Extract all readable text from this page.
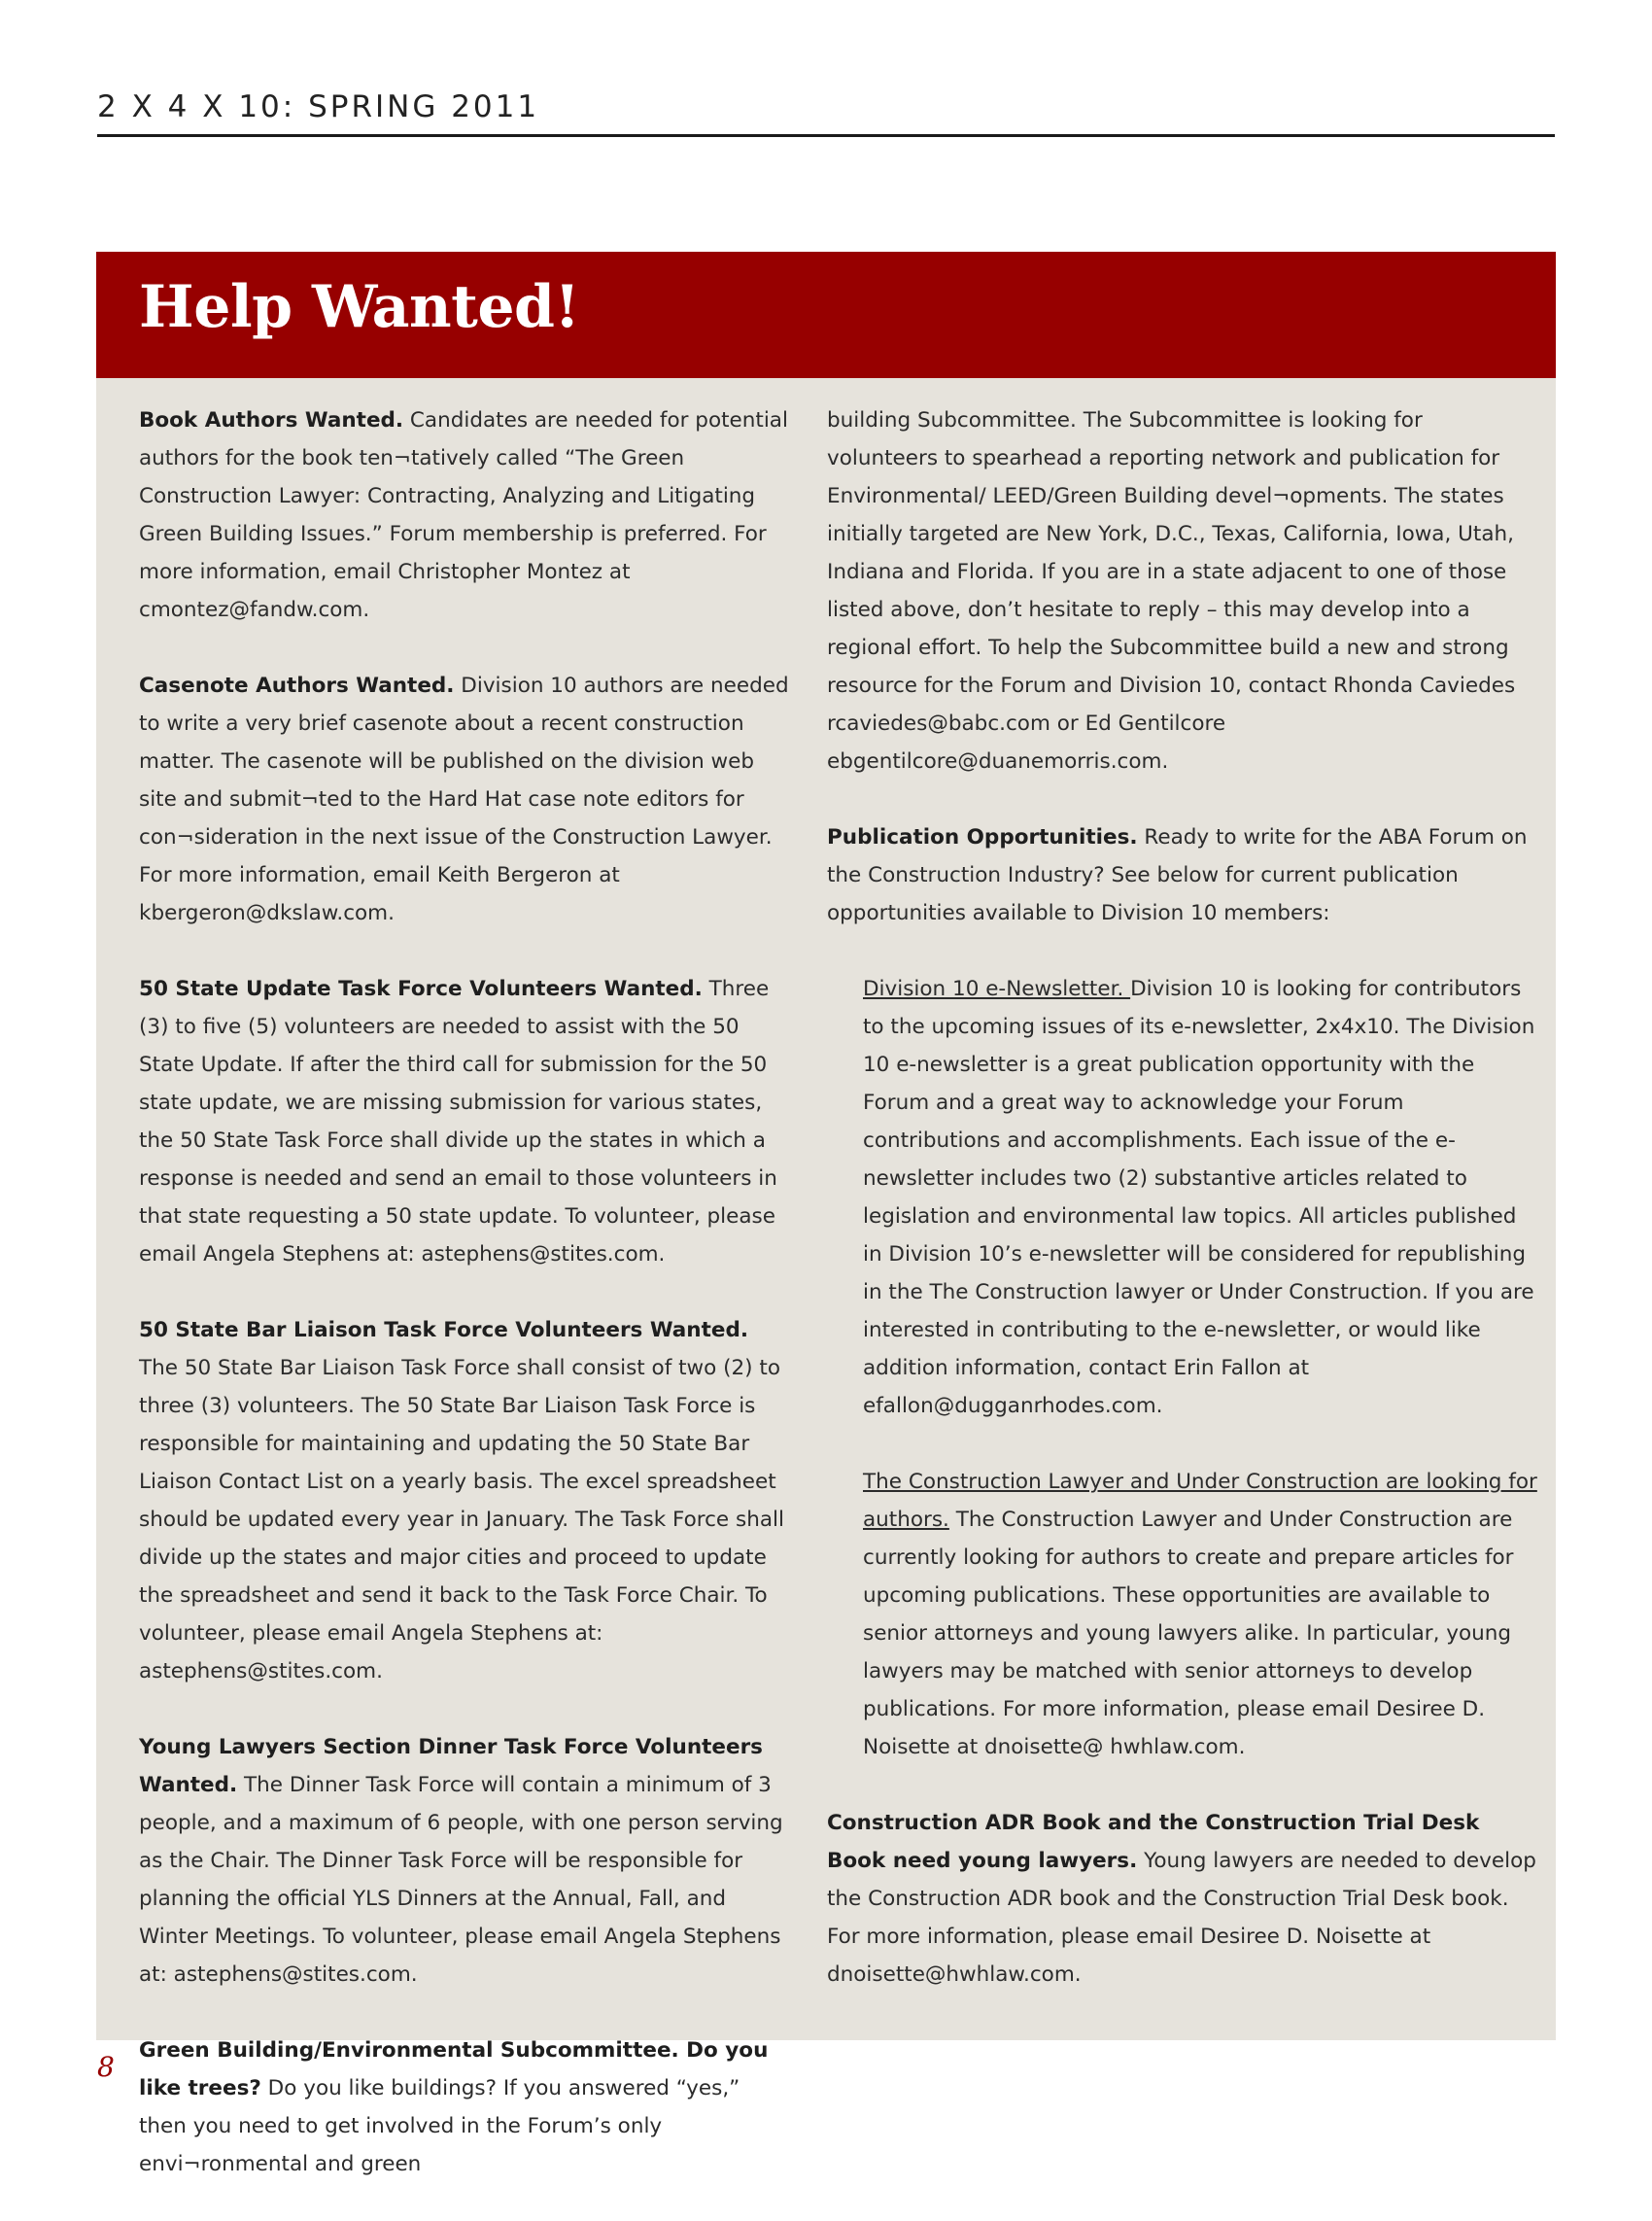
2 X 4 X 10: SPRING 2011
Help Wanted!

Book Authors Wanted. Candidates are needed for potential authors for the book ten¬tatively called “The Green Construction Lawyer: Contracting, Analyzing and Litigating Green Building Issues.” Forum membership is preferred. For more information, email Christopher Montez at cmontez@fandw.com.

Casenote Authors Wanted. Division 10 authors are needed to write a very brief casenote about a recent construction matter. The casenote will be published on the division web site and submit¬ted to the Hard Hat case note editors for con¬sideration in the next issue of the Construction Lawyer. For more information, email Keith Bergeron at kbergeron@dkslaw.com.

50 State Update Task Force Volunteers Wanted. Three (3) to five (5) volunteers are needed to assist with the 50 State Update. If after the third call for submission for the 50 state update, we are missing submission for various states, the 50 State Task Force shall divide up the states in which a response is needed and send an email to those volunteers in that state requesting a 50 state update. To volunteer, please email Angela Stephens at: astephens@stites.com.

50 State Bar Liaison Task Force Volunteers Wanted. The 50 State Bar Liaison Task Force shall consist of two (2) to three (3) volunteers. The 50 State Bar Liaison Task Force is responsible for maintaining and updating the 50 State Bar Liaison Contact List on a yearly basis. The excel spreadsheet should be updated every year in January. The Task Force shall divide up the states and major cities and proceed to update the spreadsheet and send it back to the Task Force Chair. To volunteer, please email Angela Stephens at: astephens@stites.com.

Young Lawyers Section Dinner Task Force Volunteers Wanted. The Dinner Task Force will contain a minimum of 3 people, and a maximum of 6 people, with one person serving as the Chair. The Dinner Task Force will be responsible for planning the official YLS Dinners at the Annual, Fall, and Winter Meetings. To volunteer, please email Angela Stephens at: astephens@stites.com.

Green Building/Environmental Subcommittee. Do you like trees? Do you like buildings? If you answered “yes,” then you need to get involved in the Forum’s only envi¬ronmental and green

building Subcommittee. The Subcommittee is looking for volunteers to spearhead a reporting network and publication for Environmental/ LEED/Green Building devel¬opments. The states initially targeted are New York, D.C., Texas, California, Iowa, Utah, Indiana and Florida. If you are in a state adjacent to one of those listed above, don’t hesitate to reply – this may develop into a regional effort. To help the Subcommittee build a new and strong resource for the Forum and Division 10, contact Rhonda Caviedes rcaviedes@babc.com or Ed Gentilcore ebgentilcore@duanemorris.com.

Publication Opportunities. Ready to write for the ABA Forum on the Construction Industry? See below for current publication opportunities available to Division 10 members:

Division 10 e-Newsletter. Division 10 is looking for contributors to the upcoming issues of its e-newsletter, 2x4x10. The Division 10 e-newsletter is a great publication opportunity with the Forum and a great way to acknowledge your Forum contributions and accomplishments. Each issue of the e-newsletter includes two (2) substantive articles related to legislation and environmental law topics. All articles published in Division 10’s e-newsletter will be considered for republishing in the The Construction lawyer or Under Construction. If you are interested in contributing to the e-newsletter, or would like addition information, contact Erin Fallon at efallon@dugganrhodes.com.

The Construction Lawyer and Under Construction are looking for authors. The Construction Lawyer and Under Construction are currently looking for authors to create and prepare articles for upcoming publications. These opportunities are available to senior attorneys and young lawyers alike. In particular, young lawyers may be matched with senior attorneys to develop publications. For more information, please email Desiree D. Noisette at dnoisette@ hwhlaw.com.

Construction ADR Book and the Construction Trial Desk Book need young lawyers. Young lawyers are needed to develop the Construction ADR book and the Construction Trial Desk book. For more information, please email Desiree D. Noisette at dnoisette@hwhlaw.com.

8
